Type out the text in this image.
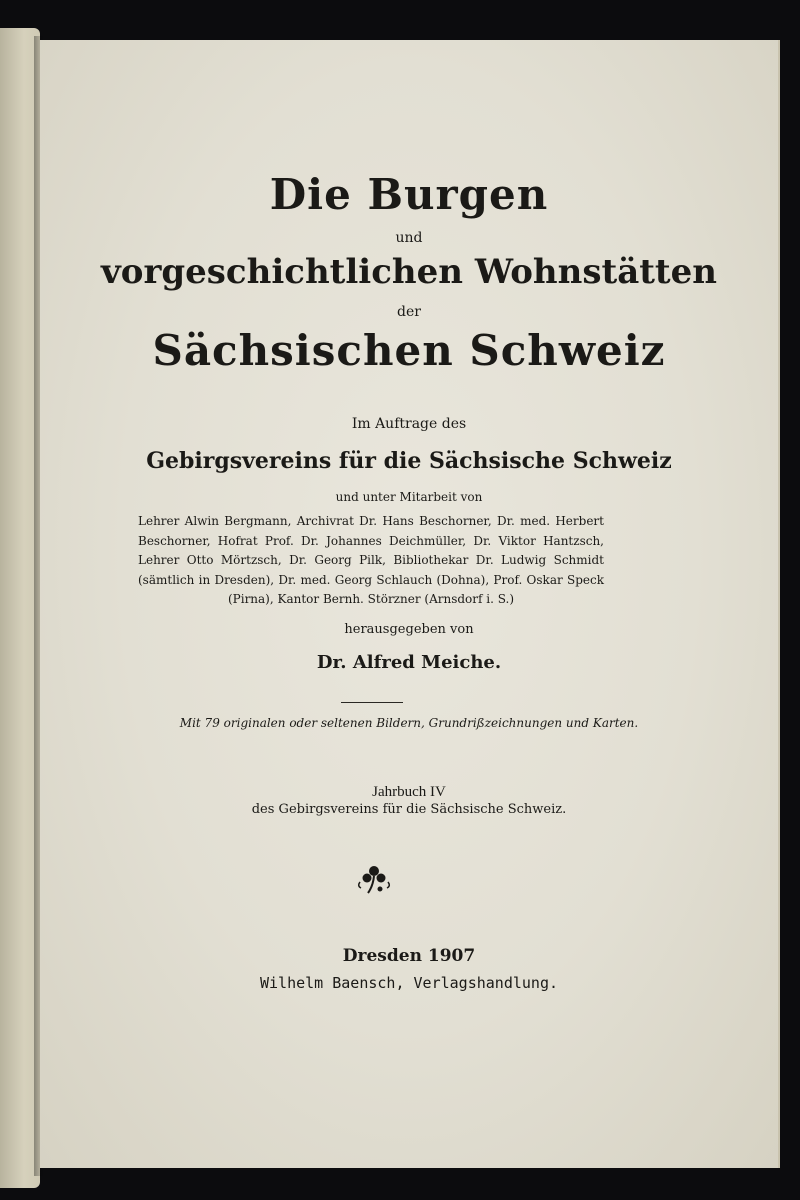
Die Burgen
und
vorgeschichtlichen Wohnstätten
der
Sächsischen Schweiz
Im Auftrage des
Gebirgsvereins für die Sächsische Schweiz
und unter Mitarbeit von
Lehrer Alwin Bergmann, Archivrat Dr. Hans Beschorner, Dr. med. Herbert Beschorner, Hofrat Prof. Dr. Johannes Deichmüller, Dr. Viktor Hantzsch, Lehrer Otto Mörtzsch, Dr. Georg Pilk, Bibliothekar Dr. Ludwig Schmidt (sämtlich in Dresden), Dr. med. Georg Schlauch (Dohna), Prof. Oskar Speck (Pirna), Kantor Bernh. Störzner (Arnsdorf i. S.)
herausgegeben von
Dr. Alfred Meiche.
Mit 79 originalen oder seltenen Bildern, Grundrißzeichnungen und Karten.
Jahrbuch IV
des Gebirgsvereins für die Sächsische Schweiz.
Dresden 1907
Wilhelm Baensch, Verlagshandlung.
